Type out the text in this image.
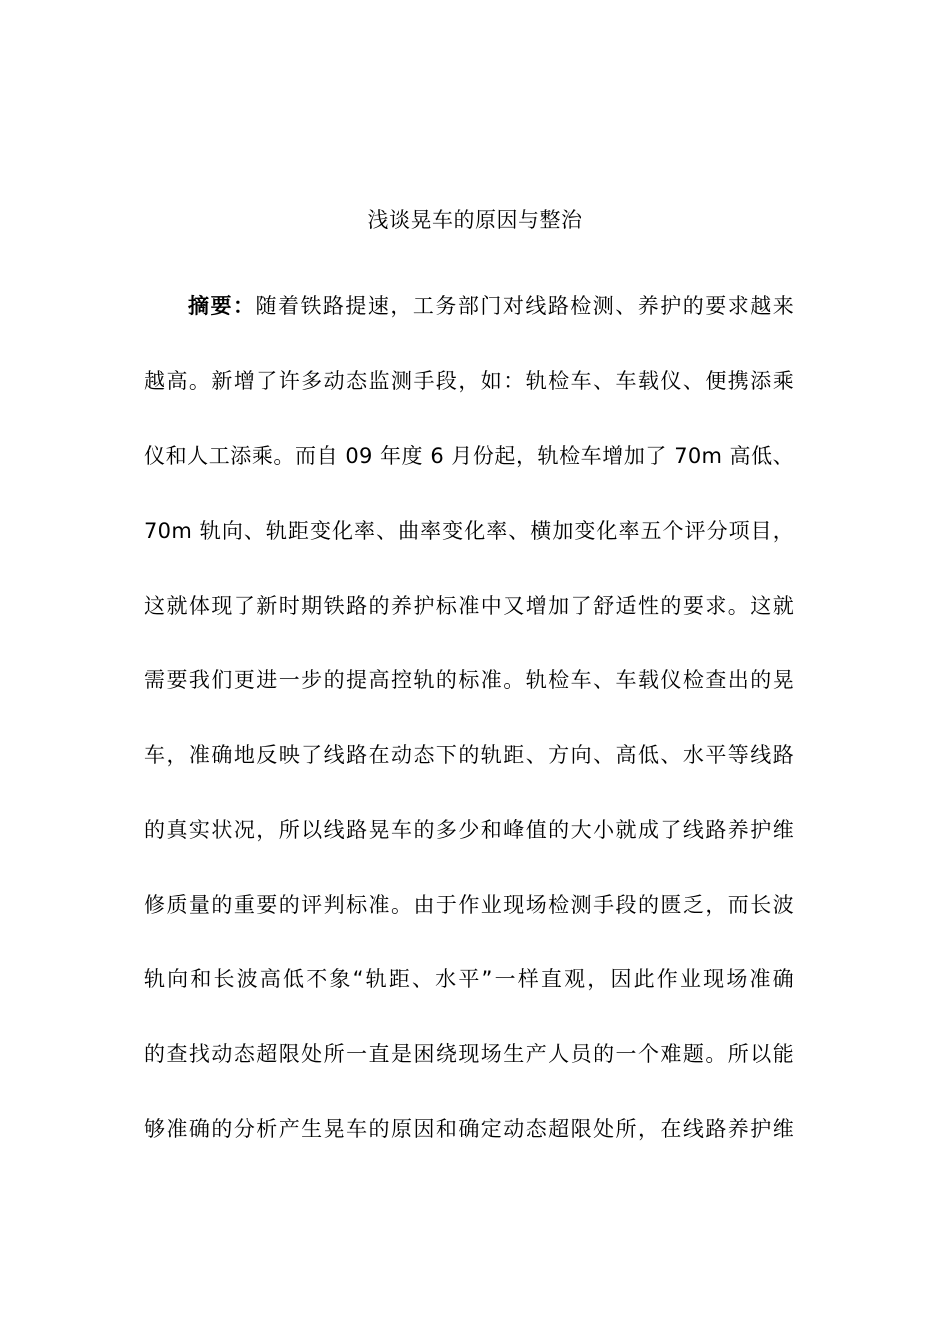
浅谈晃车的原因与整治
摘要：随着铁路提速，工务部门对线路检测、养护的要求越来
越高。新增了许多动态监测手段，如：轨检车、车载仪、便携添乘
仪和人工添乘。而自 09 年度 6 月份起，轨检车增加了 70m 高低、
70m 轨向、轨距变化率、曲率变化率、横加变化率五个评分项目，
这就体现了新时期铁路的养护标准中又增加了舒适性的要求。这就
需要我们更进一步的提高控轨的标准。轨检车、车载仪检查出的晃
车，准确地反映了线路在动态下的轨距、方向、高低、水平等线路
的真实状况，所以线路晃车的多少和峰值的大小就成了线路养护维
修质量的重要的评判标准。由于作业现场检测手段的匮乏，而长波
轨向和长波高低不象“轨距、水平”一样直观，因此作业现场准确
的查找动态超限处所一直是困绕现场生产人员的一个难题。所以能
够准确的分析产生晃车的原因和确定动态超限处所，在线路养护维
